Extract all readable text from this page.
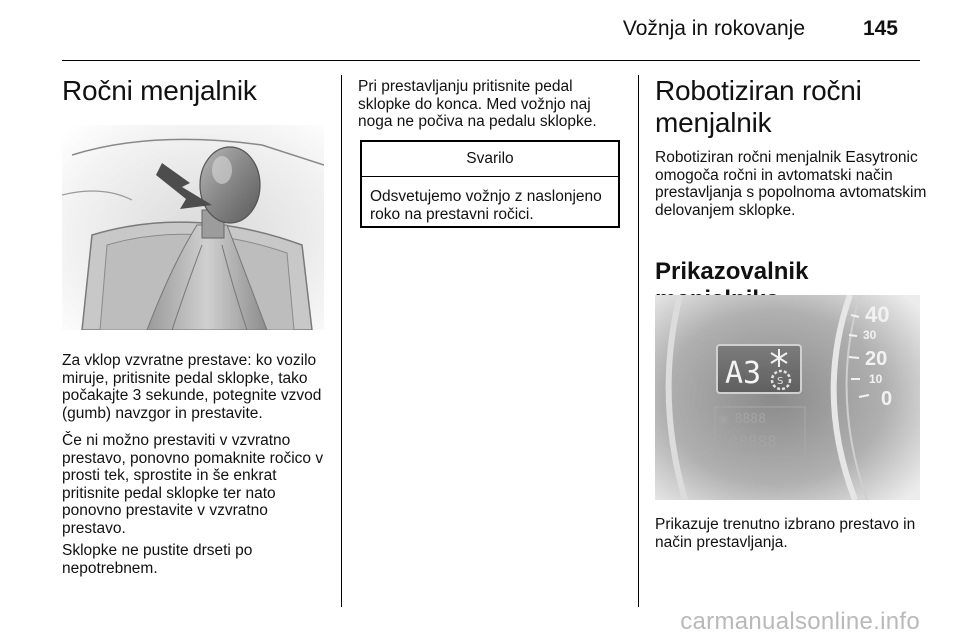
Vožnja in rokovanje	145
Ročni menjalnik

Za vklop vzvratne prestave: ko vozilo miruje, pritisnite pedal sklopke, tako počakajte 3 sekunde, potegnite vzvod (gumb) navzgor in prestavite.

Če ni možno prestaviti v vzvratno prestavo, ponovno pomaknite ročico v prosti tek, sprostite in še enkrat pritisnite pedal sklopke ter nato ponovno prestavite v vzvratno prestavo.

Sklopke ne pustite drseti po nepotrebnem.

Pri prestavljanju pritisnite pedal sklopke do konca. Med vožnjo naj noga ne počiva na pedalu sklopke.

Svarilo
Odsvetujemo vožnjo z naslonjeno roko na prestavni ročici.
Robotiziran ročni menjalnik

Robotiziran ročni menjalnik Easytronic omogoča ročni in avtomatski način prestavljanja s popolnoma avtomatskim delovanjem sklopke.

Prikazovalnik
A3 S
▣ 8888
888888
40
30
20
10
0

Prikazuje trenutno izbrano prestavo in način prestavljanja.

carmanualsonline.info
